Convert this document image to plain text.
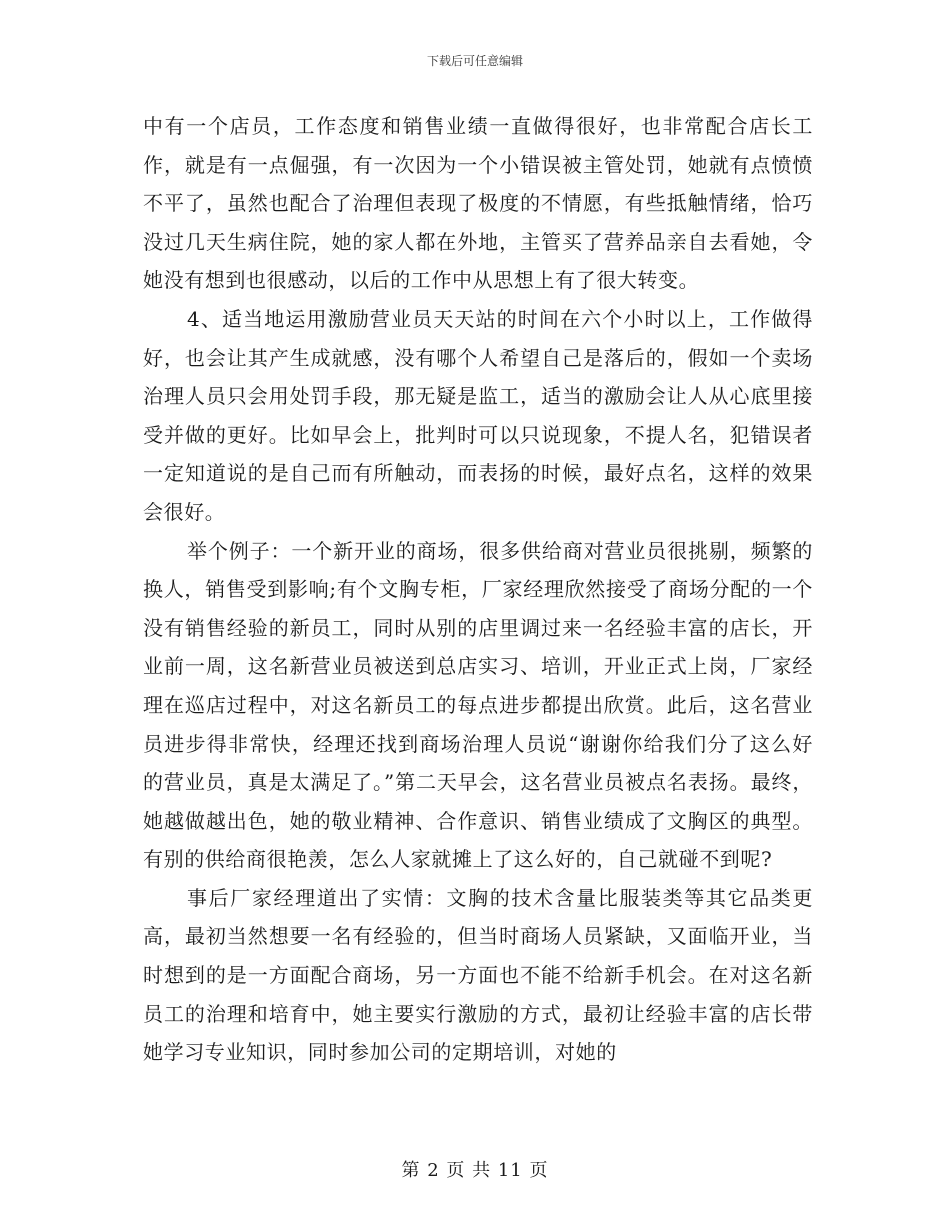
下载后可任意编辑

中有一个店员，工作态度和销售业绩一直做得很好，也非常配合店长工作，就是有一点倔强，有一次因为一个小错误被主管处罚，她就有点愤愤不平了，虽然也配合了治理但表现了极度的不情愿，有些抵触情绪，恰巧没过几天生病住院，她的家人都在外地，主管买了营养品亲自去看她，令她没有想到也很感动，以后的工作中从思想上有了很大转变。

4、适当地运用激励营业员天天站的时间在六个小时以上，工作做得好，也会让其产生成就感，没有哪个人希望自己是落后的，假如一个卖场治理人员只会用处罚手段，那无疑是监工，适当的激励会让人从心底里接受并做的更好。比如早会上，批判时可以只说现象，不提人名，犯错误者一定知道说的是自己而有所触动，而表扬的时候，最好点名，这样的效果会很好。

举个例子：一个新开业的商场，很多供给商对营业员很挑剔，频繁的换人，销售受到影响;有个文胸专柜，厂家经理欣然接受了商场分配的一个没有销售经验的新员工，同时从别的店里调过来一名经验丰富的店长，开业前一周，这名新营业员被送到总店实习、培训，开业正式上岗，厂家经理在巡店过程中，对这名新员工的每点进步都提出欣赏。此后，这名营业员进步得非常快，经理还找到商场治理人员说“谢谢你给我们分了这么好的营业员，真是太满足了。”第二天早会，这名营业员被点名表扬。最终，她越做越出色，她的敬业精神、合作意识、销售业绩成了文胸区的典型。有别的供给商很艳羡，怎么人家就摊上了这么好的，自己就碰不到呢?

事后厂家经理道出了实情：文胸的技术含量比服装类等其它品类更高，最初当然想要一名有经验的，但当时商场人员紧缺，又面临开业，当时想到的是一方面配合商场，另一方面也不能不给新手机会。在对这名新员工的治理和培育中，她主要实行激励的方式，最初让经验丰富的店长带她学习专业知识，同时参加公司的定期培训，对她的

第 2 页 共 11 页
